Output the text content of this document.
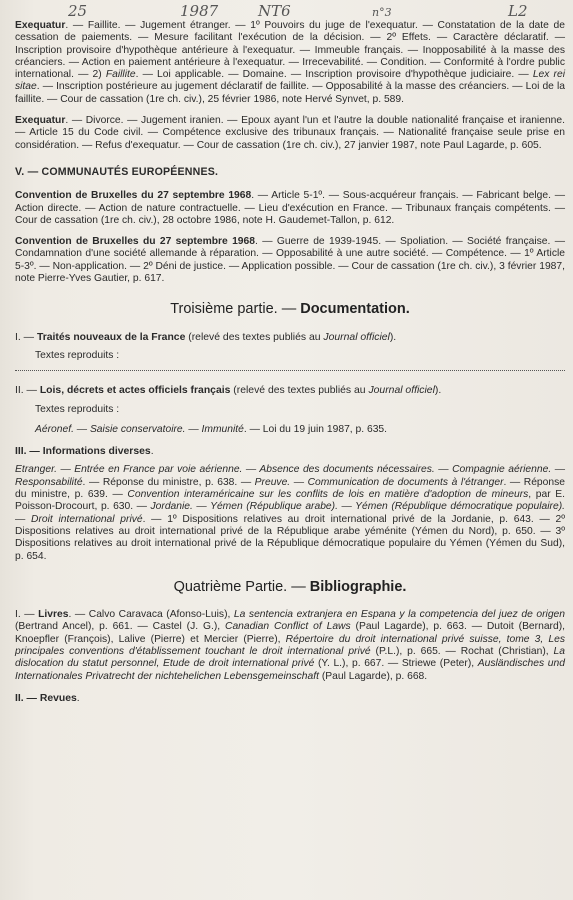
25	1987	NT6	n°3	L2

Exequatur. — Faillite. — Jugement étranger. — 1º Pouvoirs du juge de l'exequatur. — Constatation de la date de cessation de paiements. — Mesure facilitant l'exécution de la décision. — 2º Effets. — Caractère déclaratif. — Inscription provisoire d'hypothèque antérieure à l'exequatur. — Immeuble français. — Inopposabilité à la masse des créanciers. — Action en paiement antérieure à l'exequatur. — Irrecevabilité. — Condition. — Conformité à l'ordre public international. — 2) Faillite. — Loi applicable. — Domaine. — Inscription provisoire d'hypothèque judiciaire. — Lex rei sitae. — Inscription postérieure au jugement déclaratif de faillite. — Opposabilité à la masse des créanciers. — Loi de la faillite. — Cour de cassation (1re ch. civ.), 25 février 1986, note Hervé Synvet, p. 589.

Exequatur. — Divorce. — Jugement iranien. — Epoux ayant l'un et l'autre la double nationalité française et iranienne. — Article 15 du Code civil. — Compétence exclusive des tribunaux français. — Nationalité française seule prise en considération. — Refus d'exequatur. — Cour de cassation (1re ch. civ.), 27 janvier 1987, note Paul Lagarde, p. 605.

V. — COMMUNAUTÉS EUROPÉENNES.

Convention de Bruxelles du 27 septembre 1968. — Article 5-1º. — Sous-acquéreur français. — Fabricant belge. — Action directe. — Action de nature contractuelle. — Lieu d'exécution en France. — Tribunaux français compétents. — Cour de cassation (1re ch. civ.), 28 octobre 1986, note H. Gaudemet-Tallon, p. 612.

Convention de Bruxelles du 27 septembre 1968. — Guerre de 1939-1945. — Spoliation. — Société française. — Condamnation d'une société allemande à réparation. — Opposabilité à une autre société. — Compétence. — 1º Article 5-3º. — Non-application. — 2º Déni de justice. — Application possible. — Cour de cassation (1re ch. civ.), 3 février 1987, note Pierre-Yves Gautier, p. 617.

Troisième partie. — Documentation.
I. — Traités nouveaux de la France (relevé des textes publiés au Journal officiel).
Textes reproduits :
II. — Lois, décrets et actes officiels français (relevé des textes publiés au Journal officiel).
Textes reproduits :
Aéronef. — Saisie conservatoire. — Immunité. — Loi du 19 juin 1987, p. 635.
III. — Informations diverses.

Etranger. — Entrée en France par voie aérienne. — Absence des documents nécessaires. — Compagnie aérienne. — Responsabilité. — Réponse du ministre, p. 638. — Preuve. — Communication de documents à l'étranger. — Réponse du ministre, p. 639. — Convention interaméricaine sur les conflits de lois en matière d'adoption de mineurs, par E. Poisson-Drocourt, p. 630. — Jordanie. — Yémen (République arabe). — Yémen (République démocratique populaire). — Droit international privé. — 1º Dispositions relatives au droit international privé de la Jordanie, p. 643. — 2º Dispositions relatives au droit international privé de la République arabe yéménite (Yémen du Nord), p. 650. — 3º Dispositions relatives au droit international privé de la République démocratique populaire du Yémen (Yémen du Sud), p. 654.

Quatrième Partie. — Bibliographie.

I. — Livres. — Calvo Caravaca (Afonso-Luis), La sentencia extranjera en Espana y la competencia del juez de origen (Bertrand Ancel), p. 661. — Castel (J. G.), Canadian Conflict of Laws (Paul Lagarde), p. 663. — Dutoit (Bernard), Knoepfler (François), Lalive (Pierre) et Mercier (Pierre), Répertoire du droit international privé suisse, tome 3, Les principales conventions d'établissement touchant le droit international privé (P.L.), p. 665. — Rochat (Christian), La dislocation du statut personnel, Etude de droit international privé (Y. L.), p. 667. — Striewe (Peter), Ausländisches und Internationales Privatrecht der nichtehelichen Lebensgemeinschaft (Paul Lagarde), p. 668.

II. — Revues.
